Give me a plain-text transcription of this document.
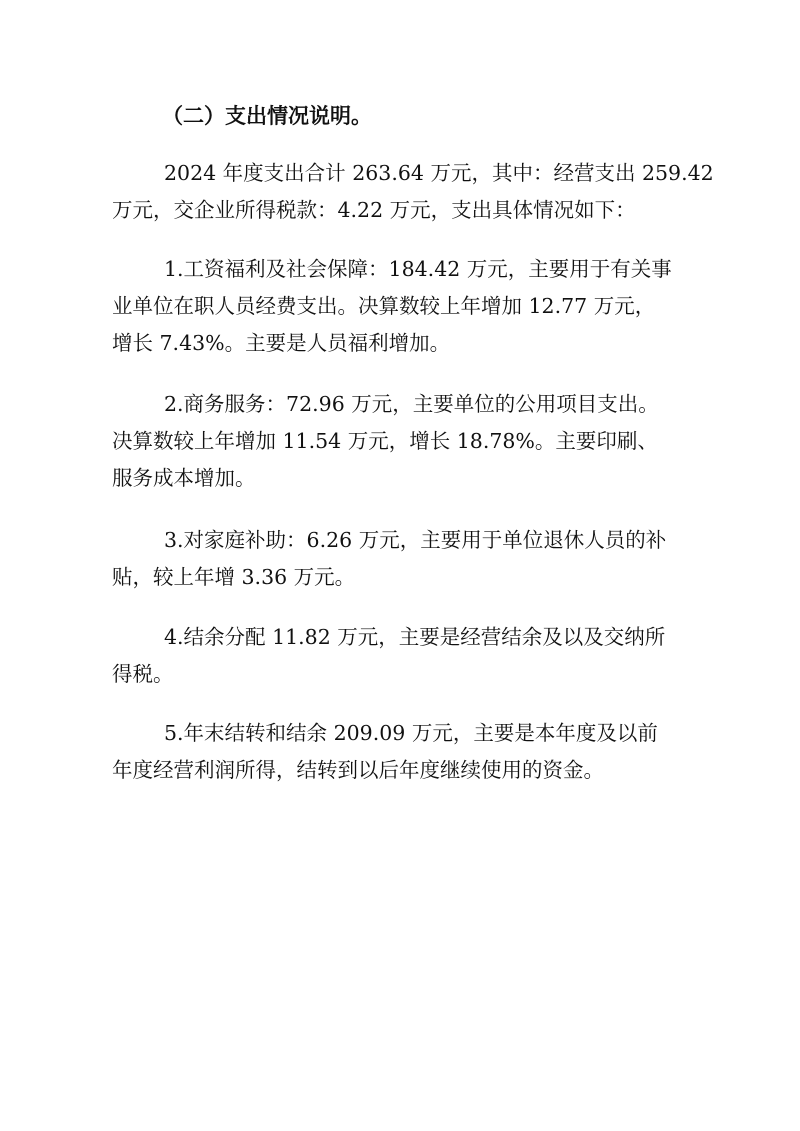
（二）支出情况说明。
2024 年度支出合计 263.64 万元，其中：经营支出 259.42
万元，交企业所得税款：4.22 万元，支出具体情况如下：
1.工资福利及社会保障：184.42 万元，主要用于有关事
业单位在职人员经费支出。决算数较上年增加 12.77 万元，
增长 7.43%。主要是人员福利增加。
2.商务服务：72.96 万元，主要单位的公用项目支出。
决算数较上年增加 11.54 万元，增长 18.78%。主要印刷、
服务成本增加。
3.对家庭补助：6.26 万元，主要用于单位退休人员的补
贴，较上年增 3.36 万元。
4.结余分配 11.82 万元，主要是经营结余及以及交纳所
得税。
5.年末结转和结余 209.09 万元，主要是本年度及以前
年度经营利润所得，结转到以后年度继续使用的资金。
